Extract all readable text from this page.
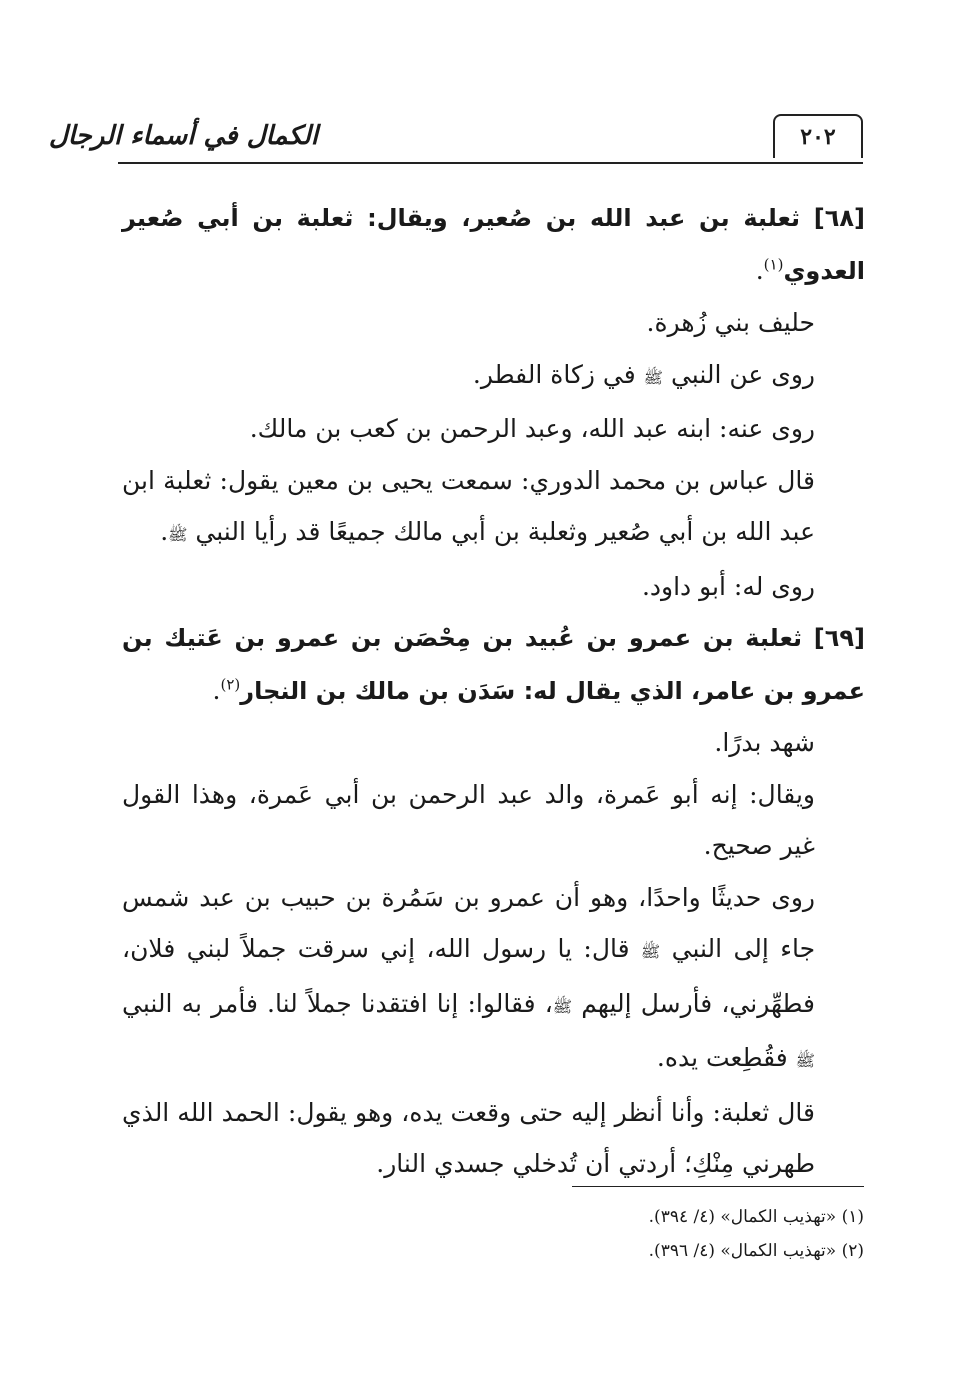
٢٠٢
الكمال في أسماء الرجال

[٦٨] ثعلبة بن عبد الله بن صُعير، ويقال: ثعلبة بن أبي صُعير العدوي$^{(١)}$.

حليف بني زُهرة.

روى عن النبي ﷺ في زكاة الفطر.

روى عنه: ابنه عبد الله، وعبد الرحمن بن كعب بن مالك.

قال عباس بن محمد الدوري: سمعت يحيى بن معين يقول: ثعلبة ابن عبد الله بن أبي صُعير وثعلبة بن أبي مالك جميعًا قد رأيا النبي ﷺ.

روى له: أبو داود.

[٦٩] ثعلبة بن عمرو بن عُبيد بن مِحْصَن بن عمرو بن عَتيك بن عمرو بن عامر، الذي يقال له: سَدَن بن مالك بن النجار$^{(٢)}$.

شهد بدرًا.

ويقال: إنه أبو عَمرة، والد عبد الرحمن بن أبي عَمرة، وهذا القول غير صحيح.

روى حديثًا واحدًا، وهو أن عمرو بن سَمُرة بن حبيب بن عبد شمس جاء إلى النبي ﷺ قال: يا رسول الله، إني سرقت جملاً لبني فلان، فطهِّرني، فأرسل إليهم ﷺ، فقالوا: إنا افتقدنا جملاً لنا. فأمر به النبي ﷺ فقُطِعت يده.

قال ثعلبة: وأنا أنظر إليه حتى وقعت يده، وهو يقول: الحمد الله الذي طهرني مِنْكِ؛ أردتي أن تُدخلي جسدي النار.

(١) «تهذيب الكمال» (٤/ ٣٩٤).

(٢) «تهذيب الكمال» (٤/ ٣٩٦).
